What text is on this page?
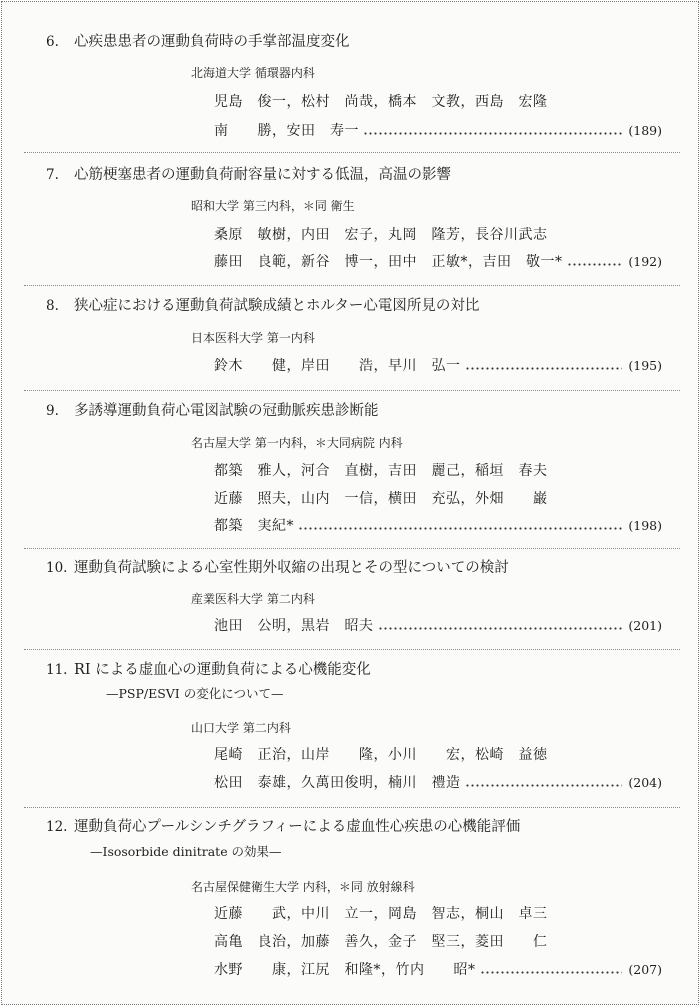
6. 心疾患患者の運動負荷時の手掌部温度変化
北海道大学 循環器内科
児島　俊一，松村　尚哉，橋本　文教，西島　宏隆
南　　勝，安田　寿一	(189)
7. 心筋梗塞患者の運動負荷耐容量に対する低温，高温の影響
昭和大学 第三内科，＊同 衛生
桑原　敏樹，内田　宏子，丸岡　隆芳，長谷川武志
藤田　良範，新谷　博一，田中　正敏*，吉田　敬一*	(192)
8. 狭心症における運動負荷試験成績とホルター心電図所見の対比
日本医科大学 第一内科
鈴木　　健，岸田　　浩，早川　弘一	(195)
9. 多誘導運動負荷心電図試験の冠動脈疾患診断能
名古屋大学 第一内科，＊大同病院 内科
都築　雅人，河合　直樹，吉田　麗己，稲垣　春夫
近藤　照夫，山内　一信，横田　充弘，外畑　　巌
都築　実紀*	(198)
10. 運動負荷試験による心室性期外収縮の出現とその型についての検討
産業医科大学 第二内科
池田　公明，黒岩　昭夫	(201)
11. RI による虚血心の運動負荷による心機能変化
—PSP/ESVI の変化について—
山口大学 第二内科
尾崎　正治，山岸　　隆，小川　　宏，松崎　益徳
松田　泰雄，久萬田俊明，楠川　禮造	(204)
12. 運動負荷心プールシンチグラフィーによる虚血性心疾患の心機能評価
—Isosorbide dinitrate の効果—
名古屋保健衛生大学 内科，＊同 放射線科
近藤　　武，中川　立一，岡島　智志，桐山　卓三
高亀　良治，加藤　善久，金子　堅三，菱田　　仁
水野　　康，江尻　和隆*，竹内　　昭*	(207)
